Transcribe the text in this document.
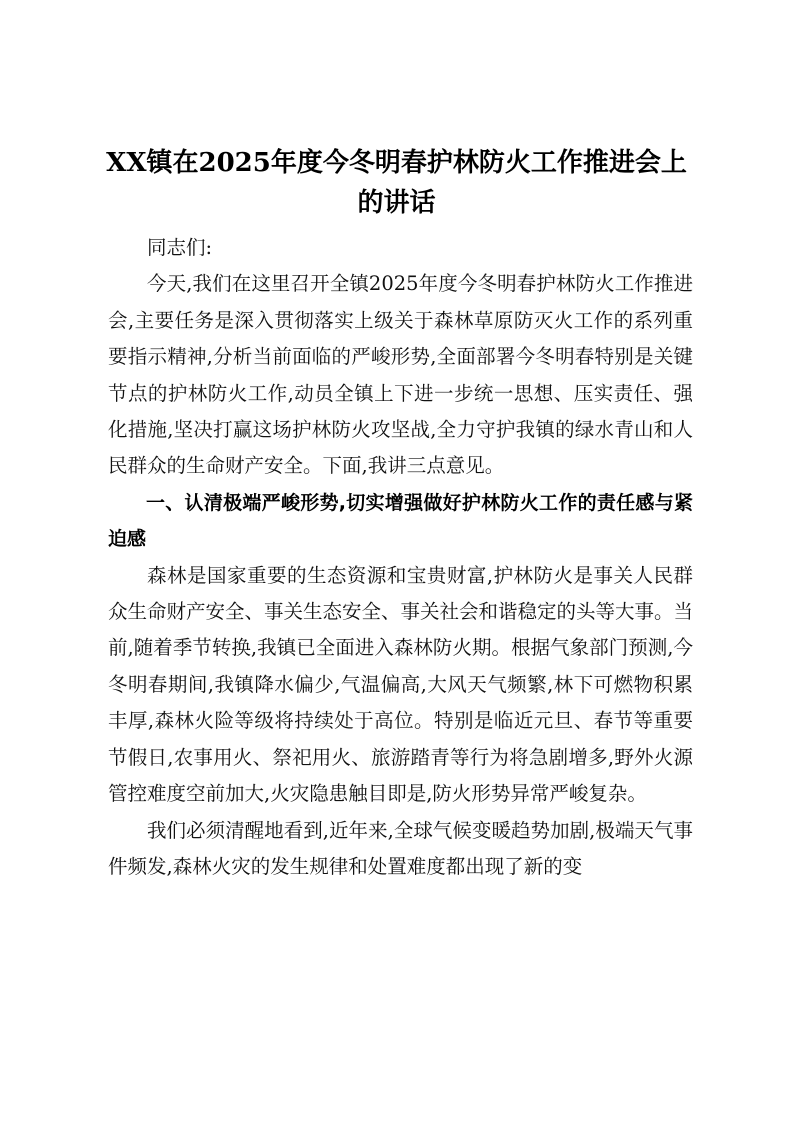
XX镇在2025年度今冬明春护林防火工作推进会上的讲话

同志们:

今天,我们在这里召开全镇2025年度今冬明春护林防火工作推进会,主要任务是深入贯彻落实上级关于森林草原防灭火工作的系列重要指示精神,分析当前面临的严峻形势,全面部署今冬明春特别是关键节点的护林防火工作,动员全镇上下进一步统一思想、压实责任、强化措施,坚决打赢这场护林防火攻坚战,全力守护我镇的绿水青山和人民群众的生命财产安全。下面,我讲三点意见。

一、认清极端严峻形势,切实增强做好护林防火工作的责任感与紧迫感

森林是国家重要的生态资源和宝贵财富,护林防火是事关人民群众生命财产安全、事关生态安全、事关社会和谐稳定的头等大事。当前,随着季节转换,我镇已全面进入森林防火期。根据气象部门预测,今冬明春期间,我镇降水偏少,气温偏高,大风天气频繁,林下可燃物积累丰厚,森林火险等级将持续处于高位。特别是临近元旦、春节等重要节假日,农事用火、祭祀用火、旅游踏青等行为将急剧增多,野外火源管控难度空前加大,火灾隐患触目即是,防火形势异常严峻复杂。

我们必须清醒地看到,近年来,全球气候变暖趋势加剧,极端天气事件频发,森林火灾的发生规律和处置难度都出现了新的变
